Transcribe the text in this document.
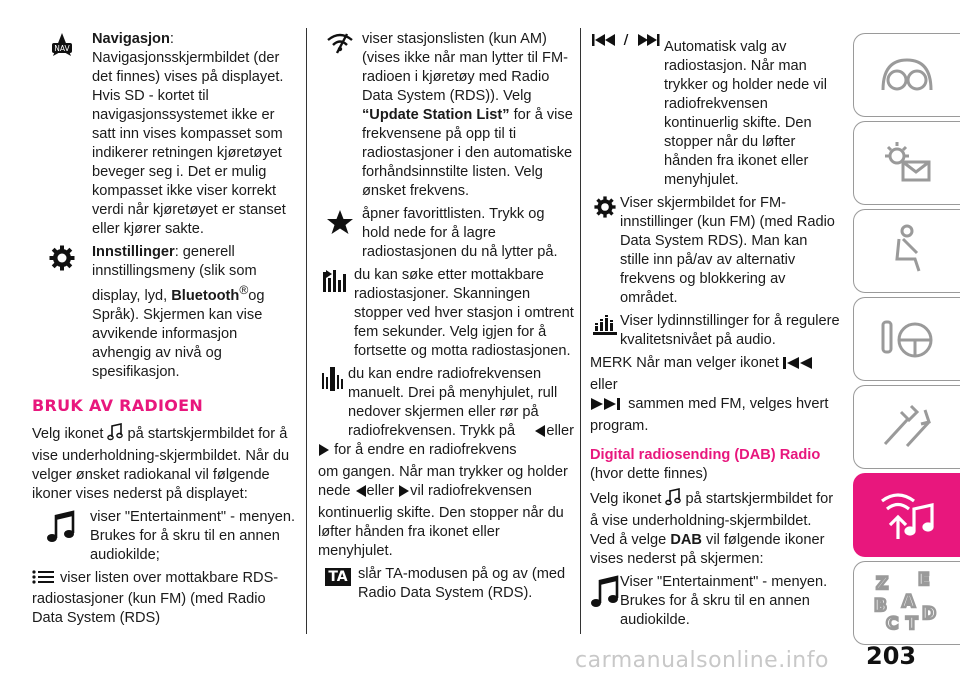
NAV
Navigasjon:
Navigasjonsskjermbildet (der det finnes) vises på displayet. Hvis SD - kortet til navigasjonssystemet ikke er satt inn vises kompasset som indikerer retningen kjøretøyet beveger seg i. Det er mulig kompasset ikke viser korrekt verdi når kjøretøyet er stanset eller kjører sakte.
Innstillinger: generell innstillingsmeny (slik som display, lyd, Bluetooth®og Språk). Skjermen kan vise avvikende informasjon avhengig av nivå og spesifikasjon.
BRUK AV RADIOEN

Velg ikonet på startskjermbildet for å vise underholdning-skjermbildet. Når du velger ønsket radiokanal vil følgende ikoner vises nederst på displayet:

viser "Entertainment" - menyen. Brukes for å skru til en annen audiokilde;
viser listen over mottakbare RDS-radiostasjoner (kun FM) (med Radio Data System (RDS)
viser stasjonslisten (kun AM) (vises ikke når man lytter til FM-radioen i kjøretøy med Radio Data System (RDS)). Velg “Update Station List” for å vise frekvensene på opp til ti radiostasjoner i den automatiske forhåndsinnstilte listen. Velg ønsket frekvens.
åpner favorittlisten. Trykk og hold nede for å lagre radiostasjonen du nå lytter på.
du kan søke etter mottakbare radiostasjoner. Skanningen stopper ved hver stasjon i omtrent fem sekunder. Velg igjen for å fortsette og motta radiostasjonen.
du kan endre radiofrekvensen manuelt. Drei på menyhjulet, rull nedover skjermen eller rør på radiofrekvensen. Trykk på	eller

for å endre en radiofrekvens om gangen. Når man trykker og holder nede eller vil radiofrekvensen kontinuerlig skifte. Den stopper når du løfter hånden fra ikonet eller menyhjulet.

TA slår TA-modusen på og av (med Radio Data System (RDS).
/ Automatisk valg av radiostasjon. Når man trykker og holder nede vil radiofrekvensen kontinuerlig skifte. Den stopper når du løfter hånden fra ikonet eller menyhjulet.
Viser skjermbildet for FM-innstillinger (kun FM) (med Radio Data System RDS). Man kan stille inn på/av av alternativ frekvens og blokkering av området.
Viser lydinnstillinger for å regulere kvalitetsnivået på audio.

MERK Når man velger ikonet eller
sammen med FM, velges hvert program.

Digital radiosending (DAB) Radio

(hvor dette finnes)

Velg ikonet på startskjermbildet for å vise underholdning-skjermbildet. Ved å velge DAB vil følgende ikoner vises nederst på skjermen:

Viser "Entertainment" - menyen. Brukes for å skru til en annen audiokilde.
Z E
B A
C T D
203
carmanualsonline.info
